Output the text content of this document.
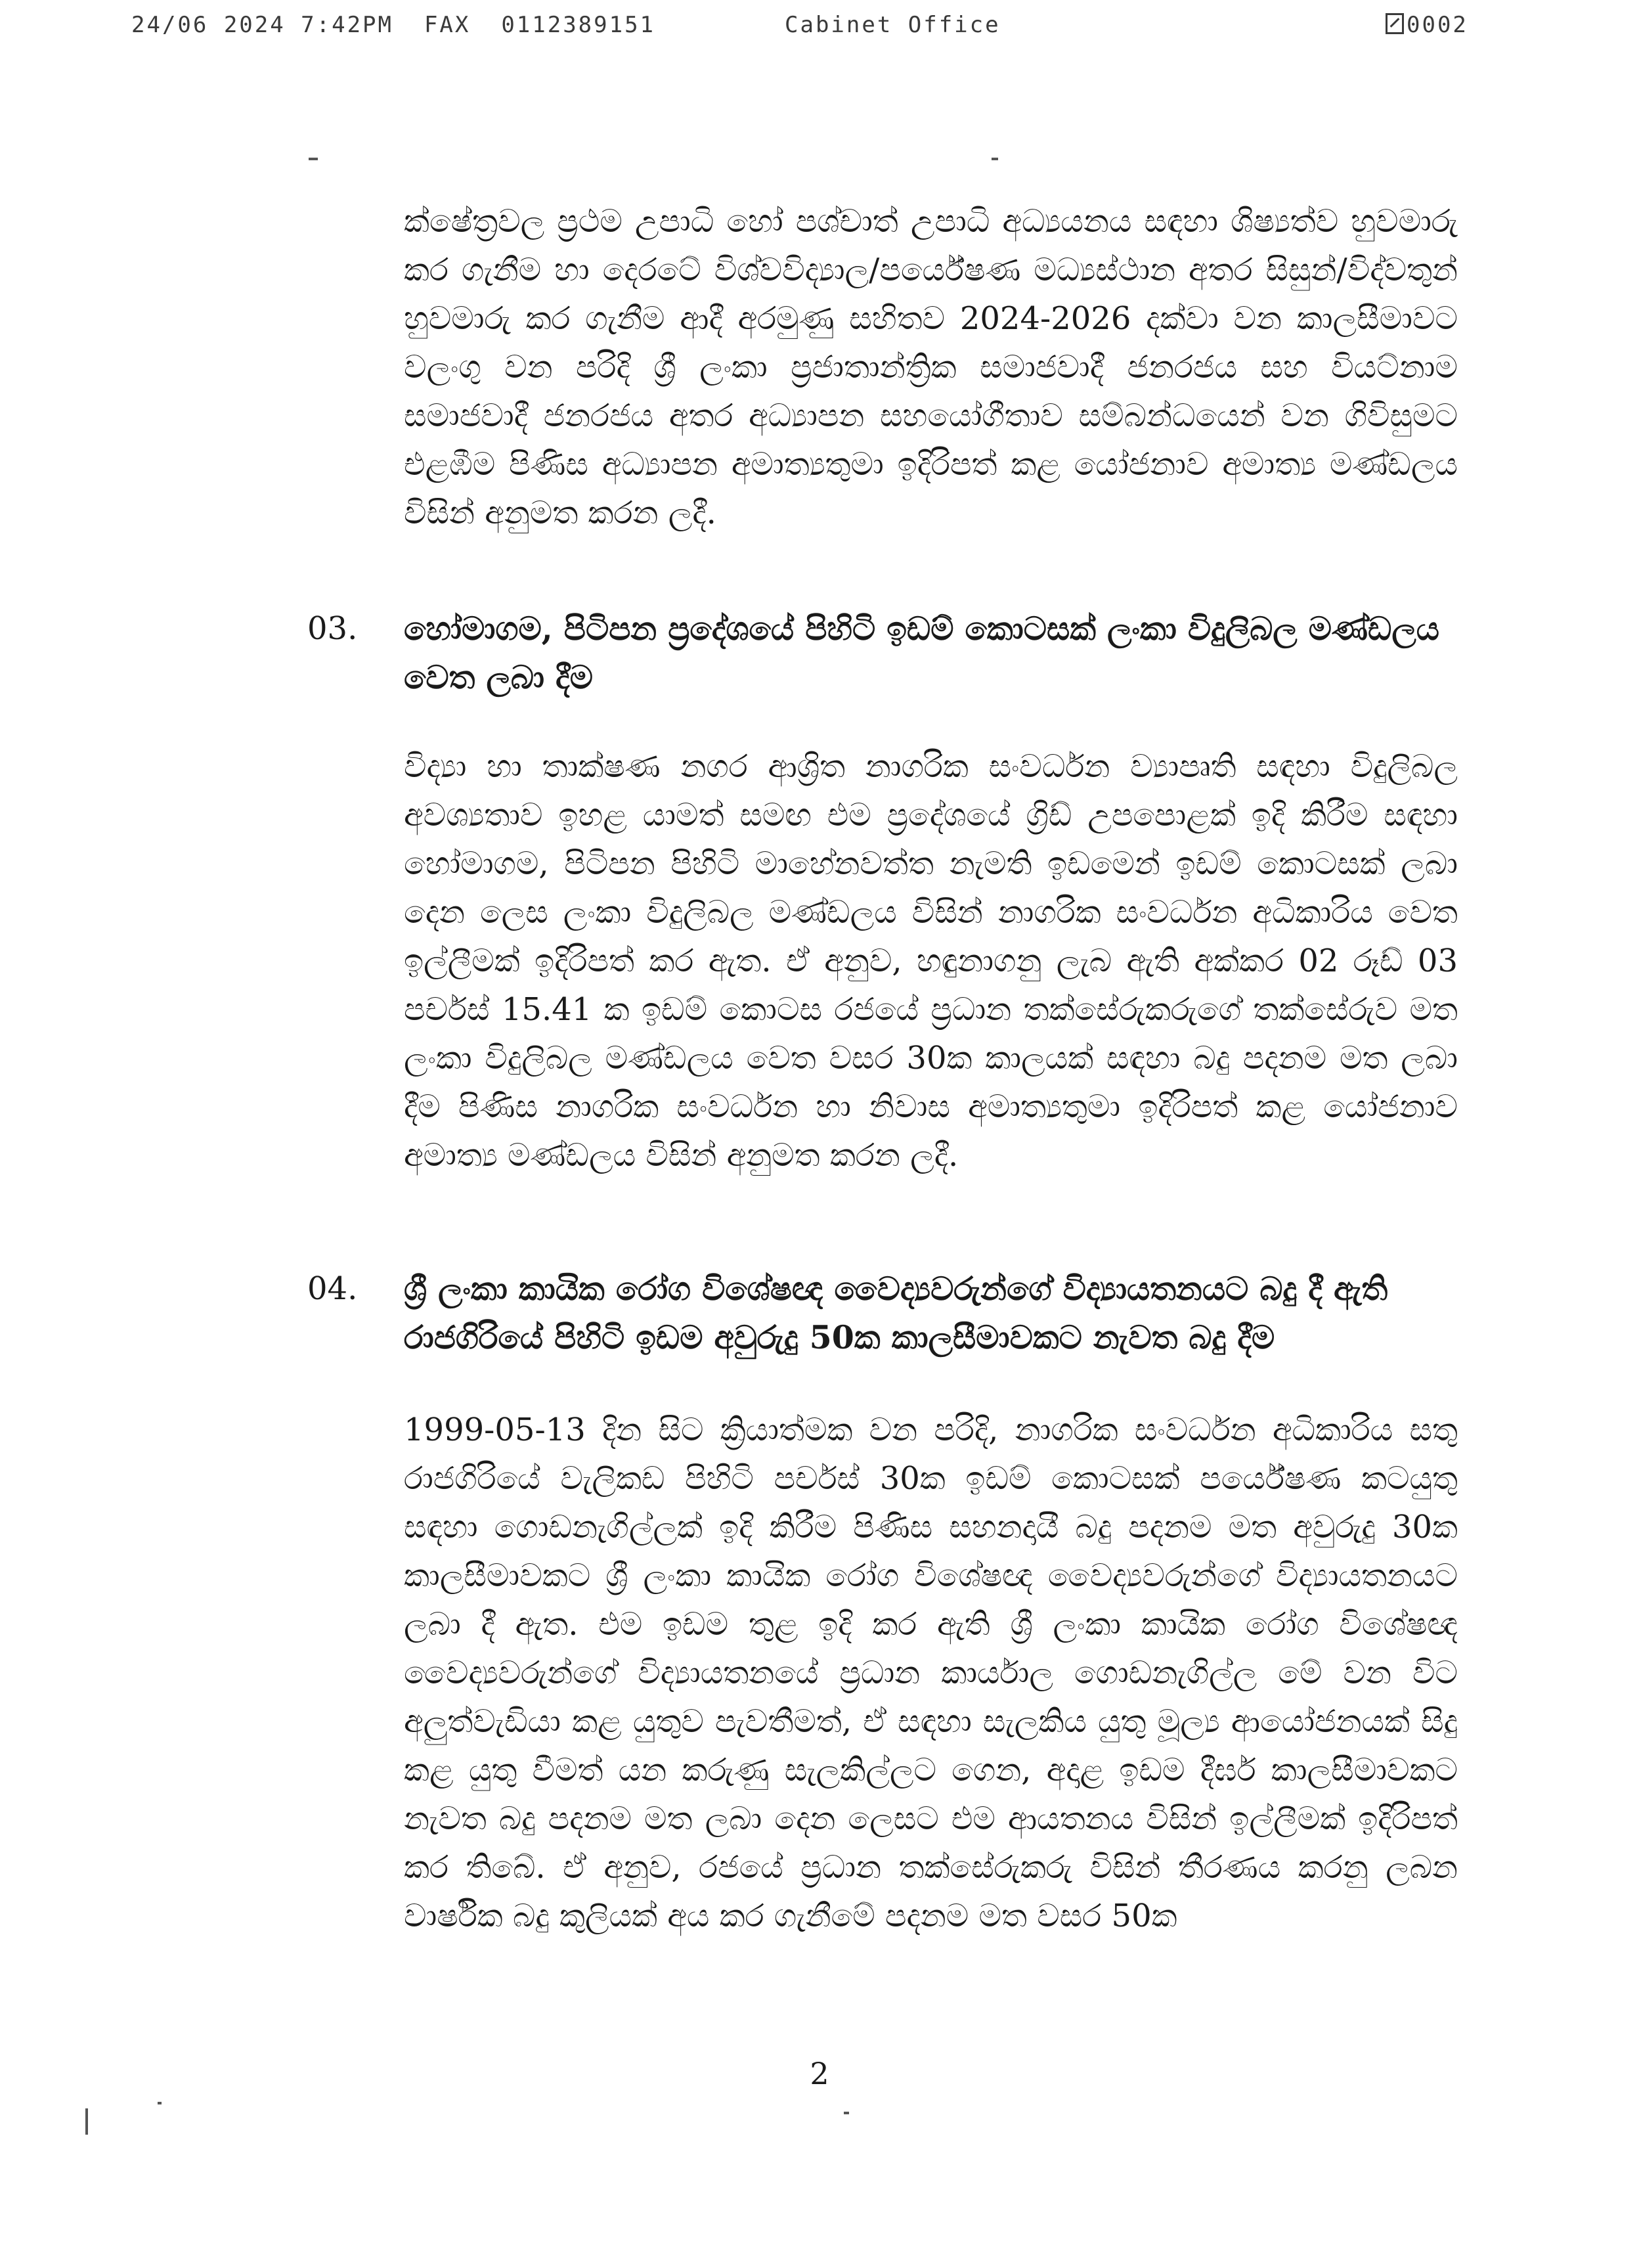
24/06 2024 7:42PM FAX 0112389151	Cabinet Office	0002

ක්ෂේත්‍රවල ප්‍රථම උපාධි හෝ පශ්චාත් උපාධි අධ්‍යයනය සඳහා ශිෂ්‍යත්ව හුවමාරු කර ගැනීම හා දෙරටේ විශ්වවිද්‍යාල/පර්යේෂණ මධ්‍යස්ථාන අතර සිසුන්/විද්වතුන් හුවමාරු කර ගැනීම ආදී අරමුණු සහිතව 2024-2026 දක්වා වන කාලසීමාවට වලංගු වන පරිදි ශ්‍රී ලංකා ප්‍රජාතාන්ත්‍රික සමාජවාදී ජනරජය සහ වියට්නාම සමාජවාදී ජනරජය අතර අධ්‍යාපන සහයෝගීතාව සම්බන්ධයෙන් වන ගිවිසුමට එළඹීම පිණිස අධ්‍යාපන අමාත්‍යතුමා ඉදිරිපත් කළ යෝජනාව අමාත්‍ය මණ්ඩලය විසින් අනුමත කරන ලදී.

03. හෝමාගම, පිටිපන ප්‍රදේශයේ පිහිටි ඉඩම් කොටසක් ලංකා විදුලිබල මණ්ඩලය වෙත ලබා දීම

විද්‍යා හා තාක්ෂණ නගර ආශ්‍රිත නාගරික සංවර්ධන ව්‍යාපෘති සඳහා විදුලිබල අවශ්‍යතාව ඉහළ යාමත් සමඟ එම ප්‍රදේශයේ ග්‍රිඩ් උපපොළක් ඉදි කිරීම සඳහා හෝමාගම, පිටිපන පිහිටි මාහේනවත්ත නැමති ඉඩමෙන් ඉඩම් කොටසක් ලබා දෙන ලෙස ලංකා විදුලිබල මණ්ඩලය විසින් නාගරික සංවර්ධන අධිකාරිය වෙත ඉල්ලීමක් ඉදිරිපත් කර ඇත. ඒ අනුව, හඳුනාගනු ලැබ ඇති අක්කර 02 රූඩ් 03 පර්චස් 15.41 ක ඉඩම් කොටස රජයේ ප්‍රධාන තක්සේරුකරුගේ තක්සේරුව මත ලංකා විදුලිබල මණ්ඩලය වෙත වසර 30ක කාලයක් සඳහා බදු පදනම මත ලබා දීම පිණිස නාගරික සංවර්ධන හා නිවාස අමාත්‍යතුමා ඉදිරිපත් කළ යෝජනාව අමාත්‍ය මණ්ඩලය විසින් අනුමත කරන ලදී.

04. ශ්‍රී ලංකා කායික රෝග විශේෂඥ වෛද්‍යවරුන්ගේ විද්‍යායතනයට බදු දී ඇති රාජගිරියේ පිහිටි ඉඩම අවුරුදු 50ක කාලසීමාවකට නැවත බදු දීම

1999-05-13 දින සිට ක්‍රියාත්මක වන පරිදි, නාගරික සංවර්ධන අධිකාරිය සතු රාජගිරියේ වැලිකඩ පිහිටි පර්චස් 30ක ඉඩම් කොටසක් පර්යේෂණ කටයුතු සඳහා ගොඩනැගිල්ලක් ඉදි කිරීම පිණිස සහනදායී බදු පදනම මත අවුරුදු 30ක කාලසීමාවකට ශ්‍රී ලංකා කායික රෝග විශේෂඥ වෛද්‍යවරුන්ගේ විද්‍යායතනයට ලබා දී ඇත. එම ඉඩම තුළ ඉදි කර ඇති ශ්‍රී ලංකා කායික රෝග විශේෂඥ වෛද්‍යවරුන්ගේ විද්‍යායතනයේ ප්‍රධාන කාර්යාල ගොඩනැගිල්ල මේ වන විට අලුත්වැඩියා කළ යුතුව පැවතීමත්, ඒ සඳහා සැලකිය යුතු මූල්‍ය ආයෝජනයක් සිදු කළ යුතු වීමත් යන කරුණු සැලකිල්ලට ගෙන, අදාළ ඉඩම දීර්ඝ කාලසීමාවකට නැවත බදු පදනම මත ලබා දෙන ලෙසට එම ආයතනය විසින් ඉල්ලීමක් ඉදිරිපත් කර තිබේ. ඒ අනුව, රජයේ ප්‍රධාන තක්සේරුකරු විසින් තීරණය කරනු ලබන වාර්ෂික බදු කුලියක් අය කර ගැනීමේ පදනම මත වසර 50ක

2
